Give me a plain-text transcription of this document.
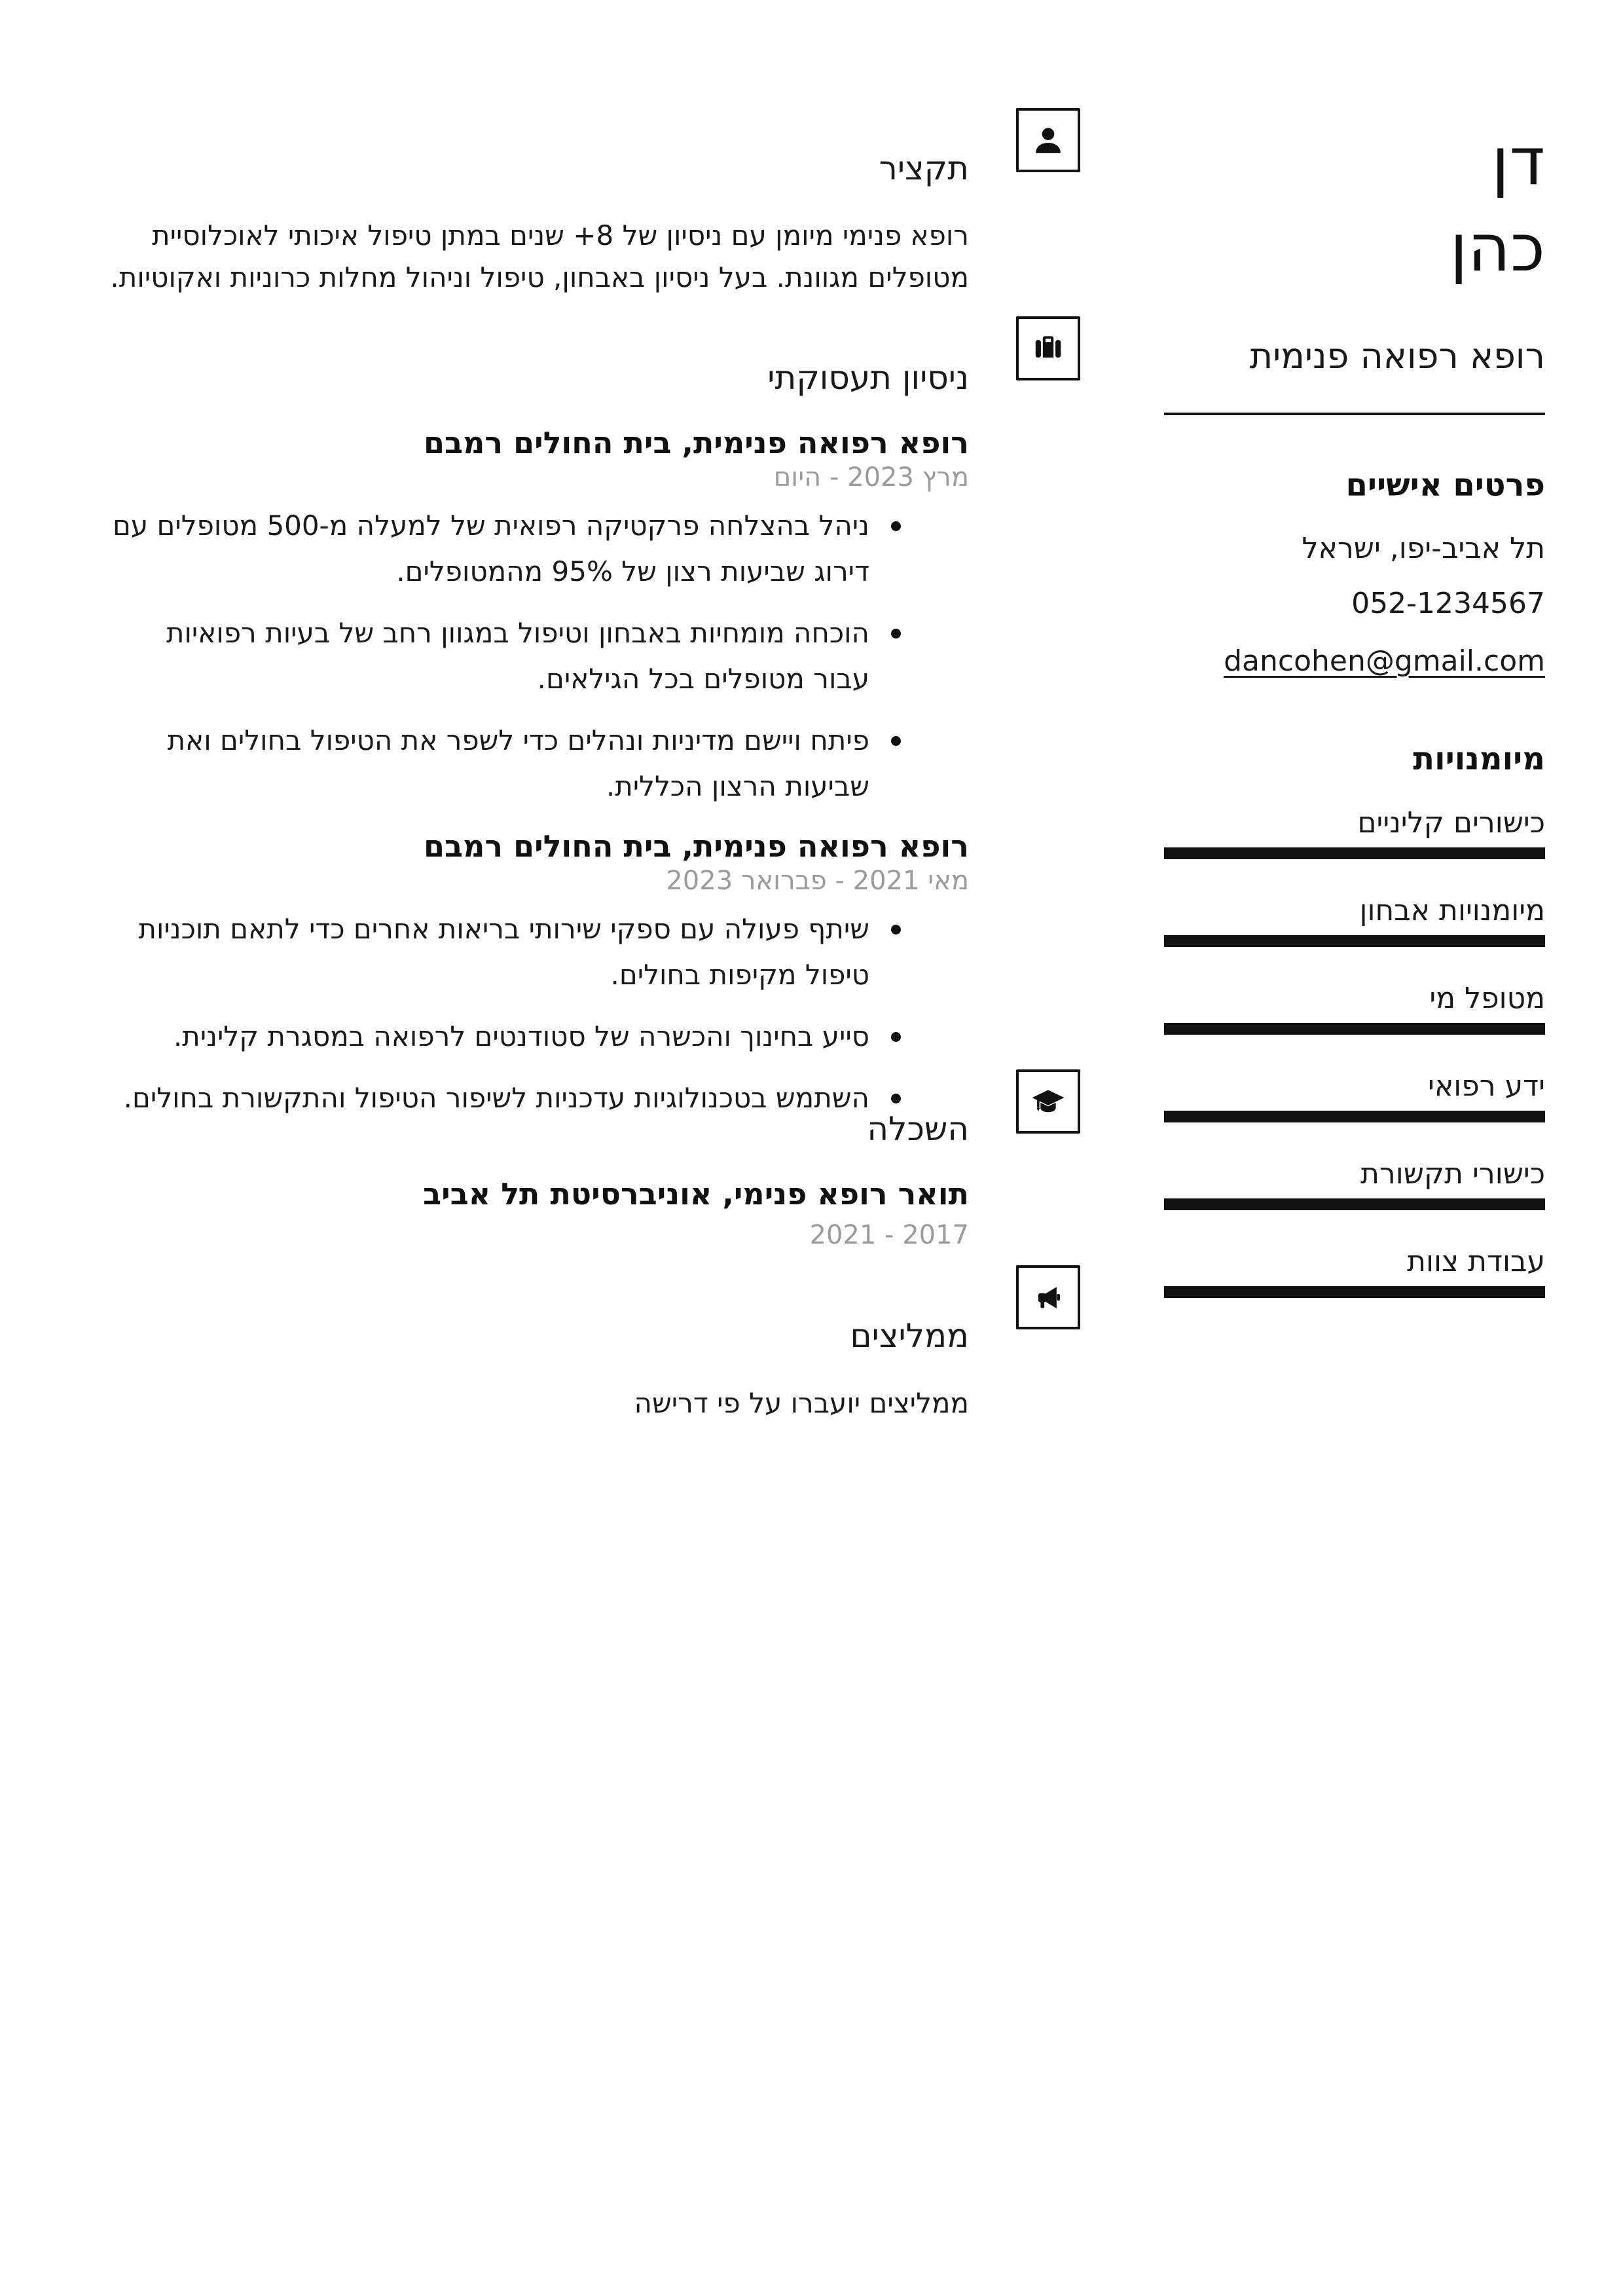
דן
כהן
רופא רפואה פנימית
פרטים אישיים
תל אביב-יפו, ישראל
052-1234567
dancohen@gmail.com
מיומנויות
כישורים קליניים
מיומנויות אבחון
מטופל מי
ידע רפואי
כישורי תקשורת
עבודת צוות
תקציר

רופא פנימי מיומן עם ניסיון של 8+ שנים במתן טיפול איכותי לאוכלוסיית מטופלים מגוונת. בעל ניסיון באבחון, טיפול וניהול מחלות כרוניות ואקוטיות.

ניסיון תעסוקתי
רופא רפואה פנימית, בית החולים רמבם
מרץ 2023 - היום
ניהל בהצלחה פרקטיקה רפואית של למעלה מ-500 מטופלים עם דירוג שביעות רצון של 95% מהמטופלים.
הוכחה מומחיות באבחון וטיפול במגוון רחב של בעיות רפואיות עבור מטופלים בכל הגילאים.
פיתח ויישם מדיניות ונהלים כדי לשפר את הטיפול בחולים ואת שביעות הרצון הכללית.
רופא רפואה פנימית, בית החולים רמבם
מאי 2021 - פברואר 2023
שיתף פעולה עם ספקי שירותי בריאות אחרים כדי לתאם תוכניות טיפול מקיפות בחולים.
סייע בחינוך והכשרה של סטודנטים לרפואה במסגרת קלינית.
השתמש בטכנולוגיות עדכניות לשיפור הטיפול והתקשורת בחולים.
השכלה
תואר רופא פנימי, אוניברסיטת תל אביב
2017 - 2021
ממליצים

ממליצים יועברו על פי דרישה
